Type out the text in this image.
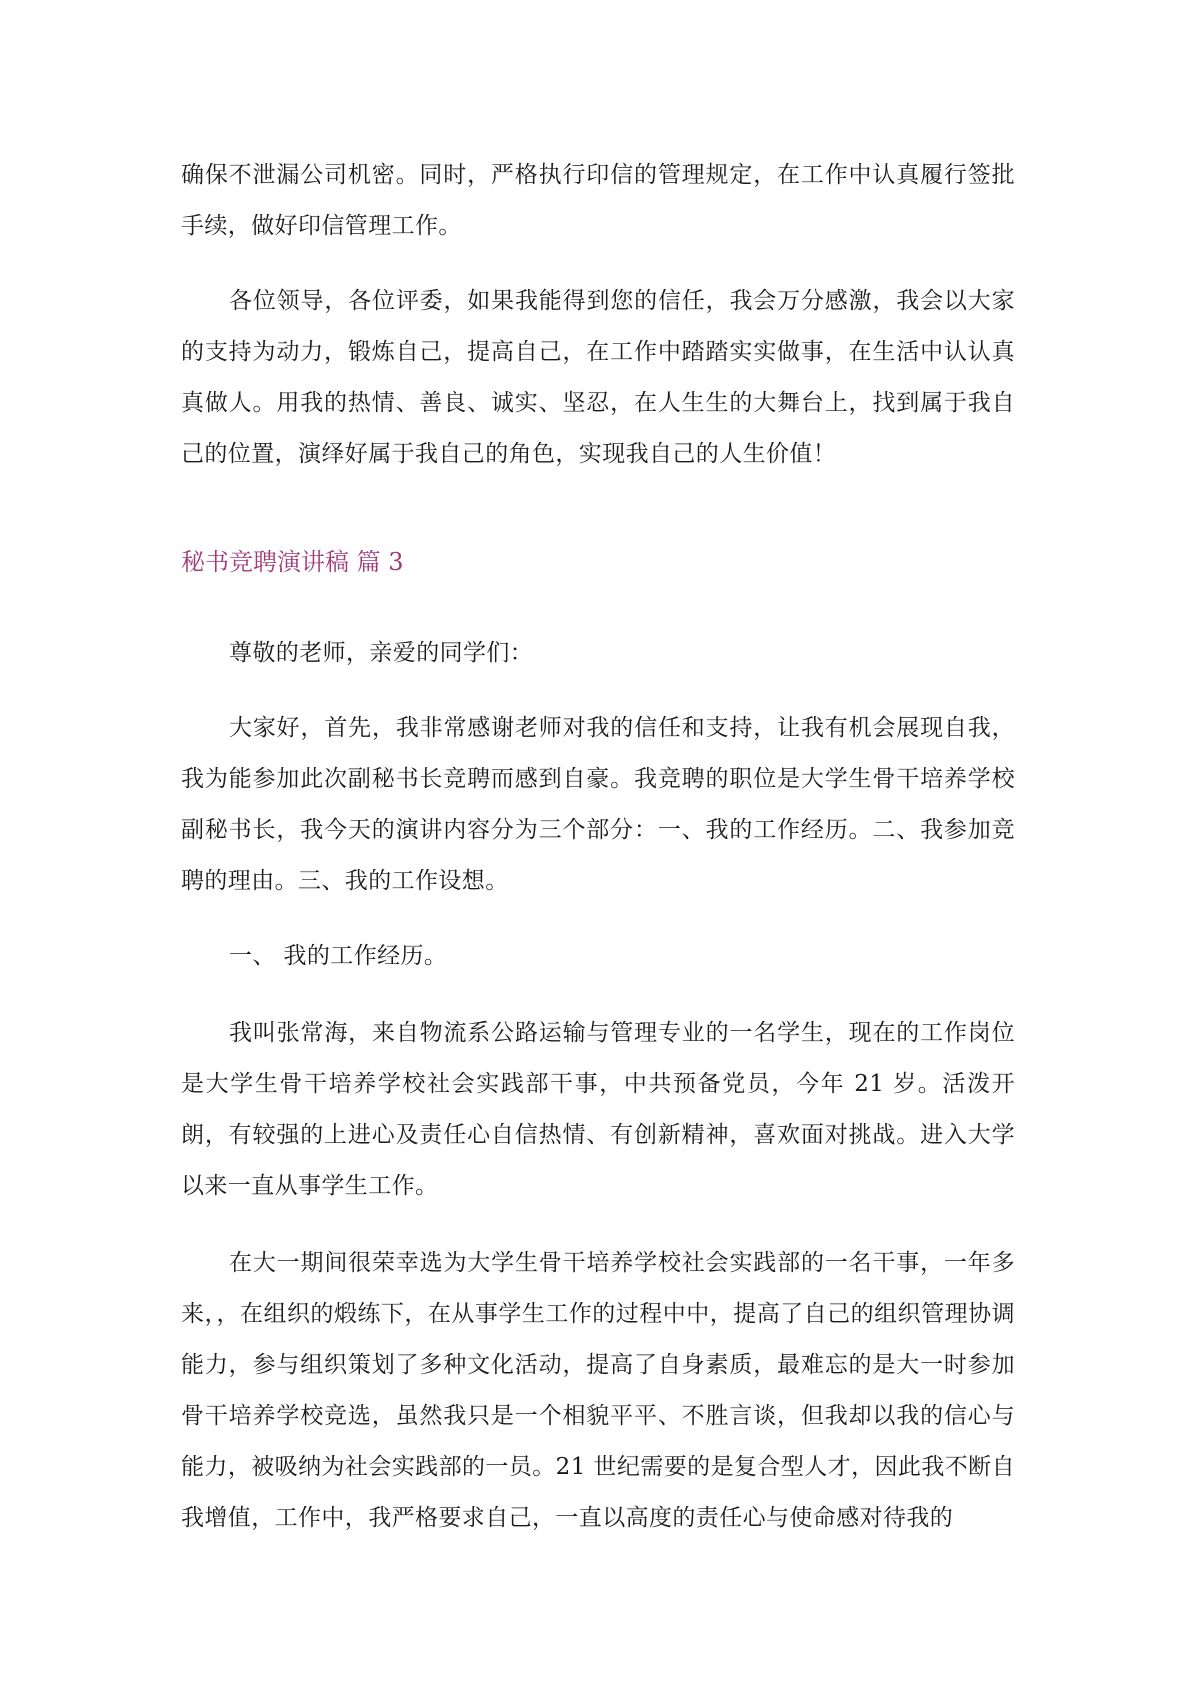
确保不泄漏公司机密。同时，严格执行印信的管理规定，在工作中认真履行签批手续，做好印信管理工作。

各位领导，各位评委，如果我能得到您的信任，我会万分感激，我会以大家的支持为动力，锻炼自己，提高自己，在工作中踏踏实实做事，在生活中认认真真做人。用我的热情、善良、诚实、坚忍，在人生生的大舞台上，找到属于我自己的位置，演绎好属于我自己的角色，实现我自己的人生价值！

秘书竞聘演讲稿 篇 3

尊敬的老师，亲爱的同学们：

大家好，首先，我非常感谢老师对我的信任和支持，让我有机会展现自我，我为能参加此次副秘书长竞聘而感到自豪。我竞聘的职位是大学生骨干培养学校副秘书长，我今天的演讲内容分为三个部分：一、我的工作经历。二、我参加竞聘的理由。三、我的工作设想。

一、 我的工作经历。

我叫张常海，来自物流系公路运输与管理专业的一名学生，现在的工作岗位是大学生骨干培养学校社会实践部干事，中共预备党员，今年 21 岁。活泼开朗，有较强的上进心及责任心自信热情、有创新精神，喜欢面对挑战。进入大学以来一直从事学生工作。

在大一期间很荣幸选为大学生骨干培养学校社会实践部的一名干事，一年多来，，在组织的煅练下，在从事学生工作的过程中中，提高了自己的组织管理协调能力，参与组织策划了多种文化活动，提高了自身素质，最难忘的是大一时参加骨干培养学校竞选，虽然我只是一个相貌平平、不胜言谈，但我却以我的信心与能力，被吸纳为社会实践部的一员。21 世纪需要的是复合型人才，因此我不断自我增值，工作中，我严格要求自己，一直以高度的责任心与使命感对待我的
